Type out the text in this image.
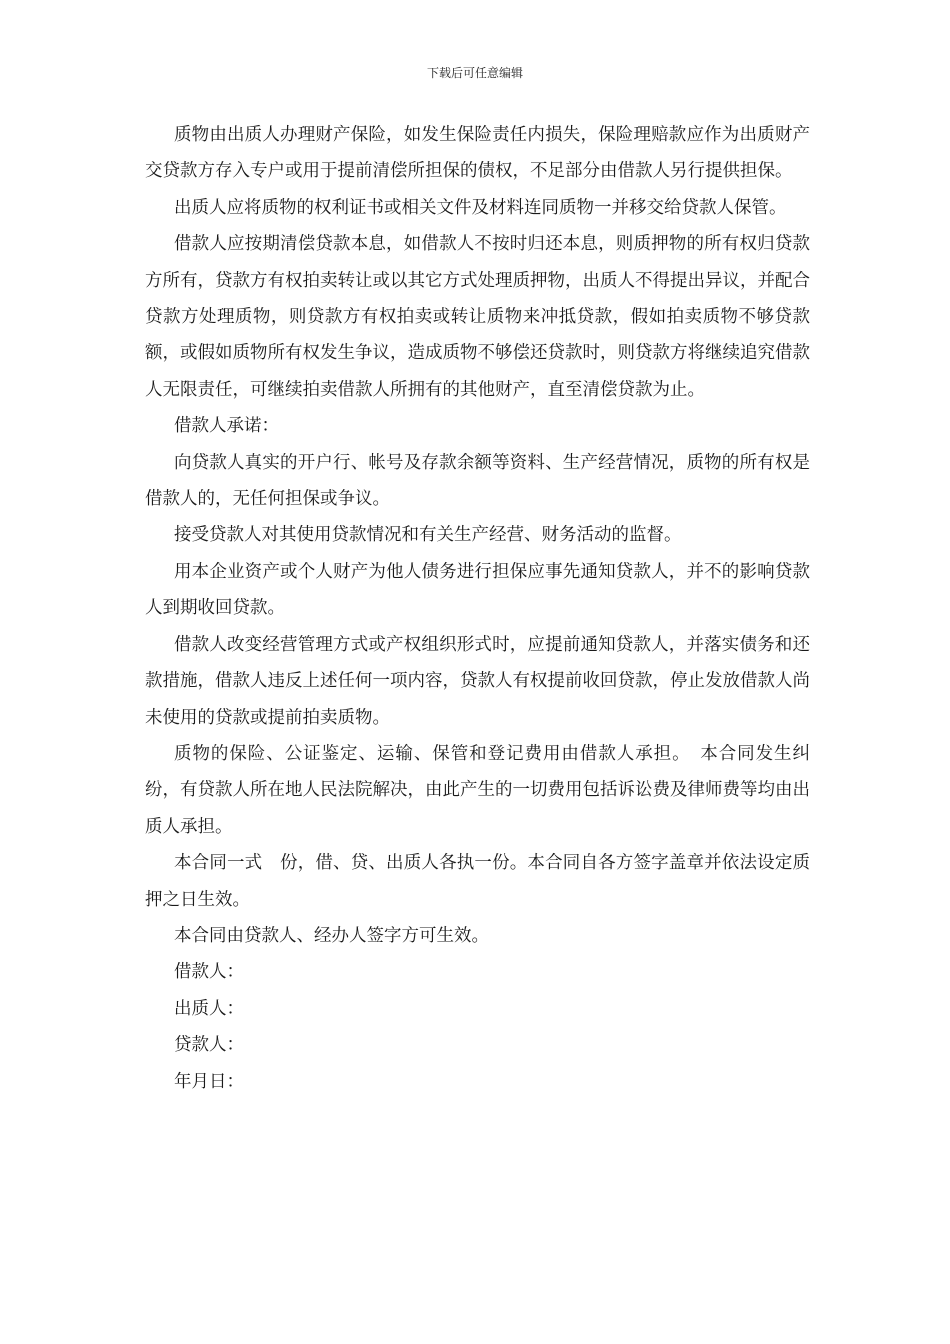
下载后可任意编辑

质物由出质人办理财产保险，如发生保险责任内损失，保险理赔款应作为出质财产交贷款方存入专户或用于提前清偿所担保的债权，不足部分由借款人另行提供担保。

出质人应将质物的权利证书或相关文件及材料连同质物一并移交给贷款人保管。

借款人应按期清偿贷款本息，如借款人不按时归还本息，则质押物的所有权归贷款方所有，贷款方有权拍卖转让或以其它方式处理质押物，出质人不得提出异议，并配合贷款方处理质物，则贷款方有权拍卖或转让质物来冲抵贷款，假如拍卖质物不够贷款额，或假如质物所有权发生争议，造成质物不够偿还贷款时，则贷款方将继续追究借款人无限责任，可继续拍卖借款人所拥有的其他财产，直至清偿贷款为止。

借款人承诺：

向贷款人真实的开户行、帐号及存款余额等资料、生产经营情况，质物的所有权是借款人的，无任何担保或争议。

接受贷款人对其使用贷款情况和有关生产经营、财务活动的监督。

用本企业资产或个人财产为他人债务进行担保应事先通知贷款人，并不的影响贷款人到期收回贷款。

借款人改变经营管理方式或产权组织形式时，应提前通知贷款人，并落实债务和还款措施，借款人违反上述任何一项内容，贷款人有权提前收回贷款，停止发放借款人尚未使用的贷款或提前拍卖质物。

质物的保险、公证鉴定、运输、保管和登记费用由借款人承担。　本合同发生纠纷，有贷款人所在地人民法院解决，由此产生的一切费用包括诉讼费及律师费等均由出质人承担。

本合同一式　份，借、贷、出质人各执一份。本合同自各方签字盖章并依法设定质押之日生效。

本合同由贷款人、经办人签字方可生效。

借款人：

出质人：

贷款人：

年月日：
